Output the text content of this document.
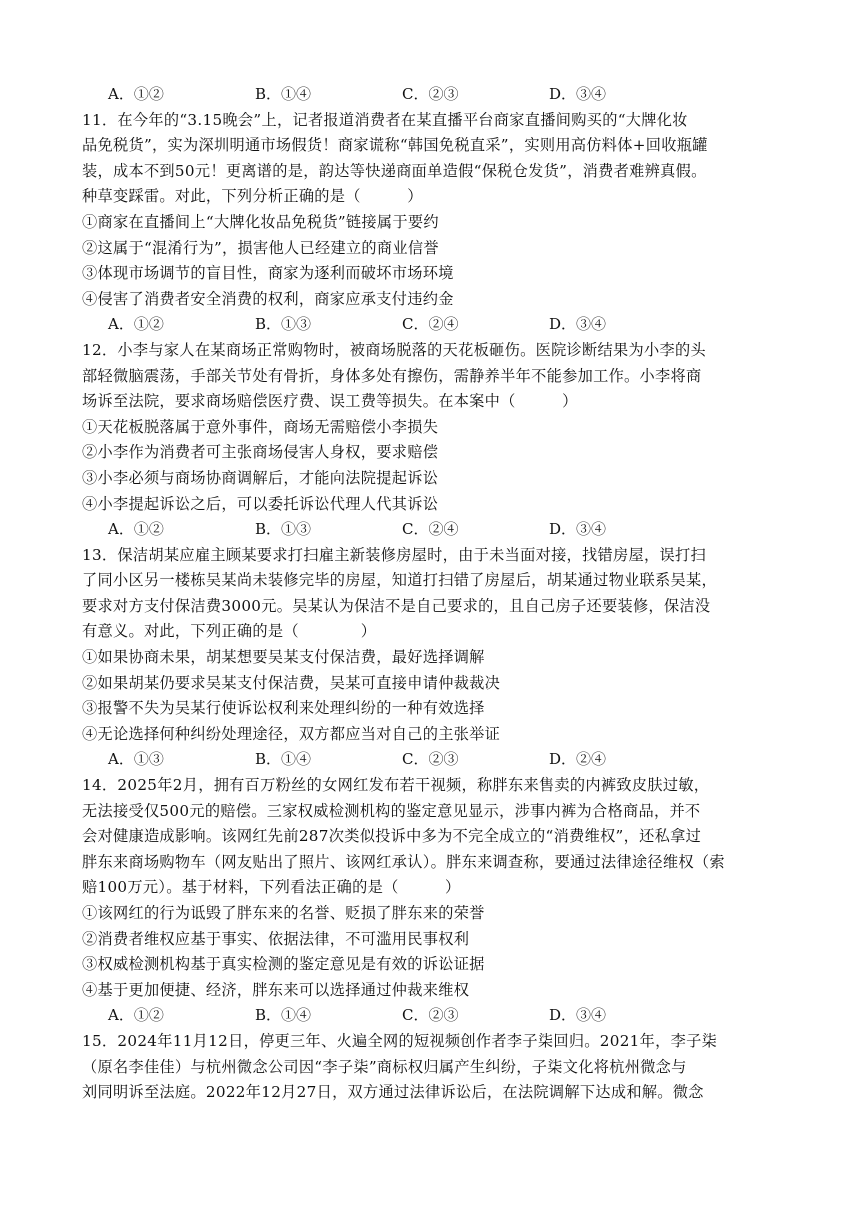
A．①②	B．①④	C．②③	D．③④
11．在今年的“3.15晚会”上，记者报道消费者在某直播平台商家直播间购买的“大牌化妆
品免税货”，实为深圳明通市场假货！商家谎称“韩国免税直采”，实则用高仿料体+回收瓶罐
装，成本不到50元！更离谱的是，韵达等快递商面单造假“保税仓发货”，消费者难辨真假。
种草变踩雷。对此，下列分析正确的是（　　　）
①商家在直播间上“大牌化妆品免税货”链接属于要约
②这属于“混淆行为”，损害他人已经建立的商业信誉
③体现市场调节的盲目性，商家为逐利而破坏市场环境
④侵害了消费者安全消费的权利，商家应承支付违约金
A．①②	B．①③	C．②④	D．③④
12．小李与家人在某商场正常购物时，被商场脱落的天花板砸伤。医院诊断结果为小李的头
部轻微脑震荡，手部关节处有骨折，身体多处有擦伤，需静养半年不能参加工作。小李将商
场诉至法院，要求商场赔偿医疗费、误工费等损失。在本案中（　　　）
①天花板脱落属于意外事件，商场无需赔偿小李损失
②小李作为消费者可主张商场侵害人身权，要求赔偿
③小李必须与商场协商调解后，才能向法院提起诉讼
④小李提起诉讼之后，可以委托诉讼代理人代其诉讼
A．①②	B．①③	C．②④	D．③④
13．保洁胡某应雇主顾某要求打扫雇主新装修房屋时，由于未当面对接，找错房屋，误打扫
了同小区另一楼栋吴某尚未装修完毕的房屋，知道打扫错了房屋后，胡某通过物业联系吴某，
要求对方支付保洁费3000元。吴某认为保洁不是自己要求的，且自己房子还要装修，保洁没
有意义。对此，下列正确的是（　　　　）
①如果协商未果，胡某想要吴某支付保洁费，最好选择调解
②如果胡某仍要求吴某支付保洁费，吴某可直接申请仲裁裁决
③报警不失为吴某行使诉讼权利来处理纠纷的一种有效选择
④无论选择何种纠纷处理途径，双方都应当对自己的主张举证
A．①③	B．①④	C．②③	D．②④
14．2025年2月，拥有百万粉丝的女网红发布若干视频，称胖东来售卖的内裤致皮肤过敏，
无法接受仅500元的赔偿。三家权威检测机构的鉴定意见显示，涉事内裤为合格商品，并不
会对健康造成影响。该网红先前287次类似投诉中多为不完全成立的“消费维权”，还私拿过
胖东来商场购物车（网友贴出了照片、该网红承认）。胖东来调查称，要通过法律途径维权（索
赔100万元）。基于材料，下列看法正确的是（　　　）
①该网红的行为诋毁了胖东来的名誉、贬损了胖东来的荣誉
②消费者维权应基于事实、依据法律，不可滥用民事权利
③权威检测机构基于真实检测的鉴定意见是有效的诉讼证据
④基于更加便捷、经济，胖东来可以选择通过仲裁来维权
A．①②	B．①④	C．②③	D．③④
15．2024年11月12日，停更三年、火遍全网的短视频创作者李子柒回归。2021年，李子柒
（原名李佳佳）与杭州微念公司因“李子柒”商标权归属产生纠纷，子柒文化将杭州微念与
刘同明诉至法庭。2022年12月27日，双方通过法律诉讼后，在法院调解下达成和解。微念
